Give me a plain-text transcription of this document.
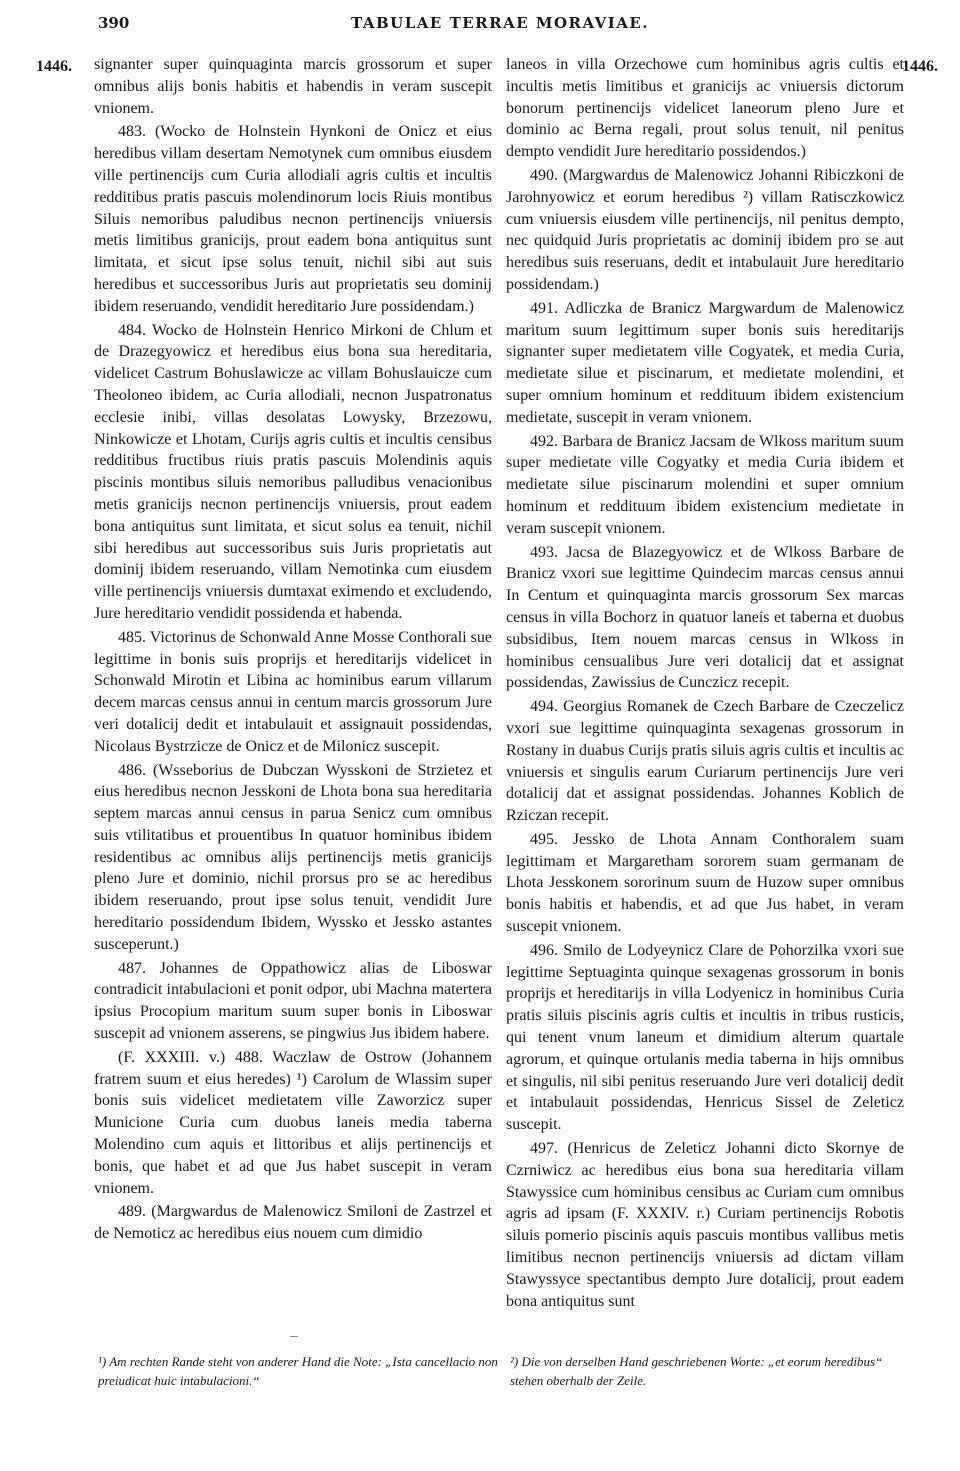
390	TABULAE TERRAE MORAVIAE.
1446.	1446.

signanter super quinquaginta marcis grossorum et super omnibus alijs bonis habitis et habendis in veram suscepit vnionem.

483. (Wocko de Holnstein Hynkoni de Onicz et eius heredibus villam desertam Nemotynek cum omnibus eiusdem ville pertinencijs cum Curia allodiali agris cultis et incultis redditibus pratis pascuis molendinorum locis Riuis montibus Siluis nemoribus paludibus necnon pertinencijs vniuersis metis limitibus granicijs, prout eadem bona antiquitus sunt limitata, et sicut ipse solus tenuit, nichil sibi aut suis heredibus et successoribus Juris aut proprietatis seu dominij ibidem reseruando, vendidit hereditario Jure possidendam.)

484. Wocko de Holnstein Henrico Mirkoni de Chlum et de Drazegyowicz et heredibus eius bona sua hereditaria, videlicet Castrum Bohuslawicze ac villam Bohuslauicze cum Theoloneo ibidem, ac Curia allodiali, necnon Juspatronatus ecclesie inibi, villas desolatas Lowysky, Brzezowu, Ninkowicze et Lhotam, Curijs agris cultis et incultis censibus redditibus fructibus riuis pratis pascuis Molendinis aquis piscinis montibus siluis nemoribus palludibus venacionibus metis granicijs necnon pertinencijs vniuersis, prout eadem bona antiquitus sunt limitata, et sicut solus ea tenuit, nichil sibi heredibus aut successoribus suis Juris proprietatis aut dominij ibidem reseruando, villam Nemotinka cum eiusdem ville pertinencijs vniuersis dumtaxat eximendo et excludendo, Jure hereditario vendidit possidenda et habenda.

485. Victorinus de Schonwald Anne Mosse Conthorali sue legittime in bonis suis proprijs et hereditarijs videlicet in Schonwald Mirotin et Libina ac hominibus earum villarum decem marcas census annui in centum marcis grossorum Jure veri dotalicij dedit et intabulauit et assignauit possidendas, Nicolaus Bystrzicze de Onicz et de Milonicz suscepit.

486. (Wsseborius de Dubczan Wysskoni de Strzietez et eius heredibus necnon Jesskoni de Lhota bona sua hereditaria septem marcas annui census in parua Senicz cum omnibus suis vtilitatibus et prouentibus In quatuor hominibus ibidem residentibus ac omnibus alijs pertinencijs metis granicijs pleno Jure et dominio, nichil prorsus pro se ac heredibus ibidem reseruando, prout ipse solus tenuit, vendidit Jure hereditario possidendum Ibidem, Wyssko et Jessko astantes susceperunt.)

487. Johannes de Oppathowicz alias de Liboswar contradicit intabulacioni et ponit odpor, ubi Machna matertera ipsius Procopium maritum suum super bonis in Liboswar suscepit ad vnionem asserens, se pingwius Jus ibidem habere.

(F. XXXIII. v.) 488. Waczlaw de Ostrow (Johannem fratrem suum et eius heredes) ¹) Carolum de Wlassim super bonis suis videlicet medietatem ville Zaworzicz super Municione Curia cum duobus laneis media taberna Molendino cum aquis et littoribus et alijs pertinencijs et bonis, que habet et ad que Jus habet suscepit in veram vnionem.

489. (Margwardus de Malenowicz Smiloni de Zastrzel et de Nemoticz ac heredibus eius nouem cum dimidio

laneos in villa Orzechowe cum hominibus agris cultis et incultis metis limitibus et granicijs ac vniuersis dictorum bonorum pertinencijs videlicet laneorum pleno Jure et dominio ac Berna regali, prout solus tenuit, nil penitus dempto vendidit Jure hereditario possidendos.)

490. (Margwardus de Malenowicz Johanni Ribiczkoni de Jarohnyowicz et eorum heredibus ²) villam Ratisczkowicz cum vniuersis eiusdem ville pertinencijs, nil penitus dempto, nec quidquid Juris proprietatis ac dominij ibidem pro se aut heredibus suis reseruans, dedit et intabulauit Jure hereditario possidendam.)

491. Adliczka de Branicz Margwardum de Malenowicz maritum suum legittimum super bonis suis hereditarijs signanter super medietatem ville Cogyatek, et media Curia, medietate silue et piscinarum, et medietate molendini, et super omnium hominum et reddituum ibidem existencium medietate, suscepit in veram vnionem.

492. Barbara de Branicz Jacsam de Wlkoss maritum suum super medietate ville Cogyatky et media Curia ibidem et medietate silue piscinarum molendini et super omnium hominum et reddituum ibidem existencium medietate in veram suscepit vnionem.

493. Jacsa de Blazegyowicz et de Wlkoss Barbare de Branicz vxori sue legittime Quindecim marcas census annui In Centum et quinquaginta marcis grossorum Sex marcas census in villa Bochorz in quatuor laneis et taberna et duobus subsidibus, Item nouem marcas census in Wlkoss in hominibus censualibus Jure veri dotalicij dat et assignat possidendas, Zawissius de Cunczicz recepit.

494. Georgius Romanek de Czech Barbare de Czeczelicz vxori sue legittime quinquaginta sexagenas grossorum in Rostany in duabus Curijs pratis siluis agris cultis et incultis ac vniuersis et singulis earum Curiarum pertinencijs Jure veri dotalicij dat et assignat possidendas. Johannes Koblich de Rziczan recepit.

495. Jessko de Lhota Annam Conthoralem suam legittimam et Margaretham sororem suam germanam de Lhota Jesskonem sororinum suum de Huzow super omnibus bonis habitis et habendis, et ad que Jus habet, in veram suscepit vnionem.

496. Smilo de Lodyeynicz Clare de Pohorzilka vxori sue legittime Septuaginta quinque sexagenas grossorum in bonis proprijs et hereditarijs in villa Lodyenicz in hominibus Curia pratis siluis piscinis agris cultis et incultis in tribus rusticis, qui tenent vnum laneum et dimidium alterum quartale agrorum, et quinque ortulanis media taberna in hijs omnibus et singulis, nil sibi penitus reseruando Jure veri dotalicij dedit et intabulauit possidendas, Henricus Sissel de Zeleticz suscepit.

497. (Henricus de Zeleticz Johanni dicto Skornye de Czrniwicz ac heredibus eius bona sua hereditaria villam Stawyssice cum hominibus censibus ac Curiam cum omnibus agris ad ipsam (F. XXXIV. r.) Curiam pertinencijs Robotis siluis pomerio piscinis aquis pascuis montibus vallibus metis limitibus necnon pertinencijs vniuersis ad dictam villam Stawyssyce spectantibus dempto Jure dotalicij, prout eadem bona antiquitus sunt

¹) Am rechten Rande steht von anderer Hand die Note: „Ista cancellacio non preiudicat huic intabulacioni.“
²) Die von derselben Hand geschriebenen Worte: „et eorum heredibus“ stehen oberhalb der Zeile.
